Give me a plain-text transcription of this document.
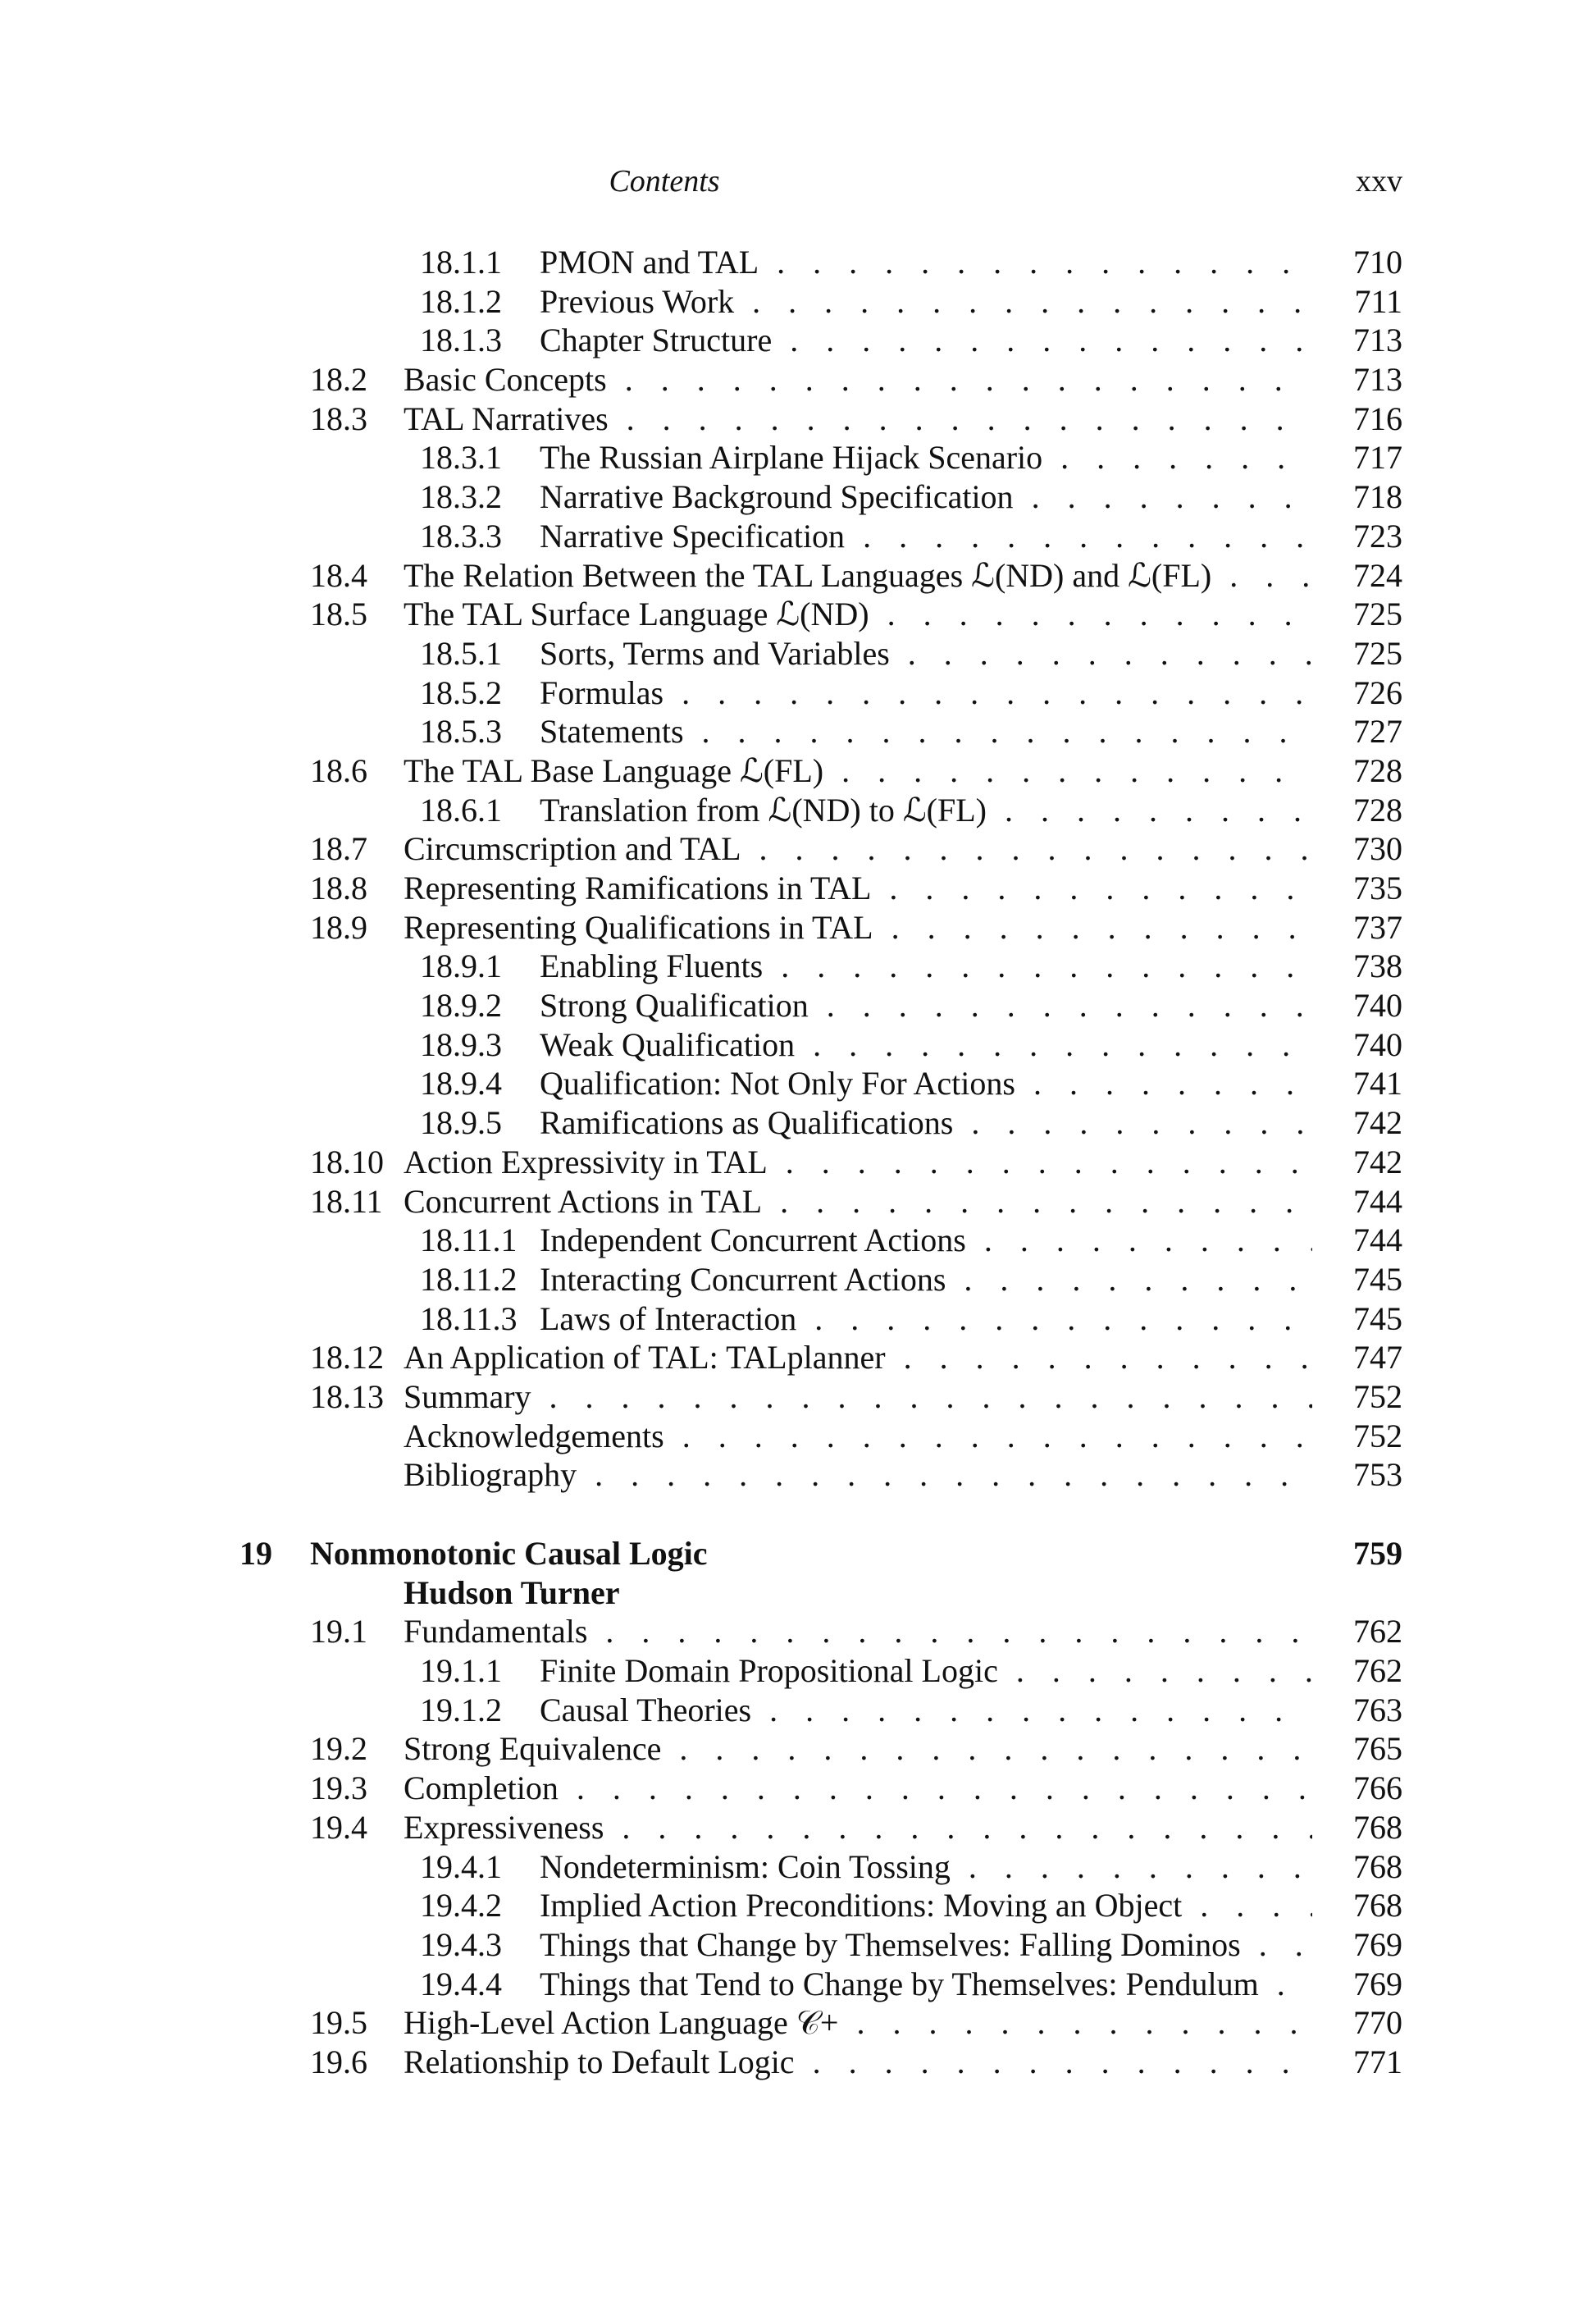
Contents	xxv
18.1.1 PMON and TAL . . .	710
18.1.2 Previous Work . . .	711
18.1.3 Chapter Structure . . .	713
18.2 Basic Concepts . . .	713
18.3 TAL Narratives . . .	716
18.3.1 The Russian Airplane Hijack Scenario . . .	717
18.3.2 Narrative Background Specification . . .	718
18.3.3 Narrative Specification . . .	723
18.4 The Relation Between the TAL Languages ℒ(ND) and ℒ(FL) . . .	724
18.5 The TAL Surface Language ℒ(ND) . . .	725
18.5.1 Sorts, Terms and Variables . . .	725
18.5.2 Formulas . . .	726
18.5.3 Statements . . .	727
18.6 The TAL Base Language ℒ(FL) . . .	728
18.6.1 Translation from ℒ(ND) to ℒ(FL) . . .	728
18.7 Circumscription and TAL . . .	730
18.8 Representing Ramifications in TAL . . .	735
18.9 Representing Qualifications in TAL . . .	737
18.9.1 Enabling Fluents . . .	738
18.9.2 Strong Qualification . . .	740
18.9.3 Weak Qualification . . .	740
18.9.4 Qualification: Not Only For Actions . . .	741
18.9.5 Ramifications as Qualifications . . .	742
18.10 Action Expressivity in TAL . . .	742
18.11 Concurrent Actions in TAL . . .	744
18.11.1 Independent Concurrent Actions . . .	744
18.11.2 Interacting Concurrent Actions . . .	745
18.11.3 Laws of Interaction . . .	745
18.12 An Application of TAL: TALplanner . . .	747
18.13 Summary . . .	752
Acknowledgements . . .	752
Bibliography . . .	753
19 Nonmonotonic Causal Logic	759
Hudson Turner
19.1 Fundamentals . . .	762
19.1.1 Finite Domain Propositional Logic . . .	762
19.1.2 Causal Theories . . .	763
19.2 Strong Equivalence . . .	765
19.3 Completion . . .	766
19.4 Expressiveness . . .	768
19.4.1 Nondeterminism: Coin Tossing . . .	768
19.4.2 Implied Action Preconditions: Moving an Object . . .	768
19.4.3 Things that Change by Themselves: Falling Dominos . . .	769
19.4.4 Things that Tend to Change by Themselves: Pendulum . . .	769
19.5 High-Level Action Language 𝒞+ . . .	770
19.6 Relationship to Default Logic . . .	771
